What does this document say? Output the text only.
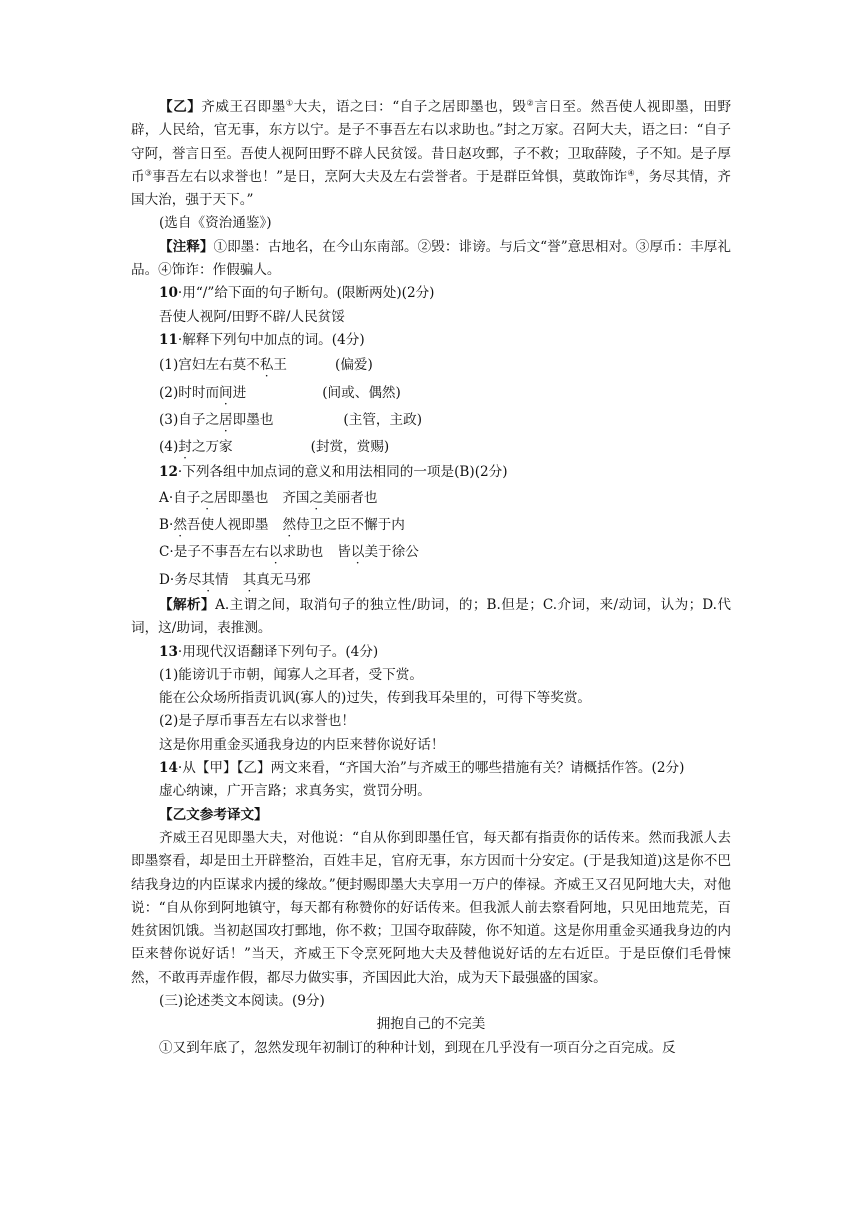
【乙】齐威王召即墨①大夫，语之曰：“自子之居即墨也，毁②言日至。然吾使人视即墨，田野辟，人民给，官无事，东方以宁。是子不事吾左右以求助也。”封之万家。召阿大夫，语之曰：“自子守阿，誉言日至。吾使人视阿田野不辟人民贫馁。昔日赵攻鄄，子不救；卫取薛陵，子不知。是子厚币③事吾左右以求誉也！”是日，烹阿大夫及左右尝誉者。于是群臣耸惧，莫敢饰诈④，务尽其情，齐国大治，强于天下。”

(选自《资治通鉴》)

【注释】①即墨：古地名，在今山东南部。②毁：诽谤。与后文“誉”意思相对。③厚币：丰厚礼品。④饰诈：作假骗人。

10·用“/”给下面的句子断句。(限断两处)(2分)

吾使人视阿/田野不辟/人民贫馁

11·解释下列句中加点的词。(4分)

(1)宫妇左右莫不私王	(偏爱)

(2)时时而间进	(间或、偶然)

(3)自子之居即墨也	(主管，主政)

(4)封之万家	(封赏，赏赐)

12·下列各组中加点词的意义和用法相同的一项是(B)(2分)

A·自子之居即墨也 齐国之美丽者也

B·然吾使人视即墨 然侍卫之臣不懈于内

C·是子不事吾左右以求助也 皆以美于徐公

D·务尽其情 其真无马邪

【解析】A.主谓之间，取消句子的独立性/助词，的；B.但是；C.介词，来/动词，认为；D.代词，这/助词，表推测。

13·用现代汉语翻译下列句子。(4分)

(1)能谤讥于市朝，闻寡人之耳者，受下赏。

能在公众场所指责讥讽(寡人的)过失，传到我耳朵里的，可得下等奖赏。

(2)是子厚币事吾左右以求誉也！

这是你用重金买通我身边的内臣来替你说好话！

14·从【甲】【乙】两文来看，“齐国大治”与齐威王的哪些措施有关？请概括作答。(2分)

虚心纳谏，广开言路；求真务实，赏罚分明。

【乙文参考译文】

齐威王召见即墨大夫，对他说：“自从你到即墨任官，每天都有指责你的话传来。然而我派人去即墨察看，却是田土开辟整治，百姓丰足，官府无事，东方因而十分安定。(于是我知道)这是你不巴结我身边的内臣谋求内援的缘故。”便封赐即墨大夫享用一万户的俸禄。齐威王又召见阿地大夫，对他说：“自从你到阿地镇守，每天都有称赞你的好话传来。但我派人前去察看阿地，只见田地荒芜，百姓贫困饥饿。当初赵国攻打鄄地，你不救；卫国夺取薛陵，你不知道。这是你用重金买通我身边的内臣来替你说好话！”当天，齐威王下令烹死阿地大夫及替他说好话的左右近臣。于是臣僚们毛骨悚然，不敢再弄虚作假，都尽力做实事，齐国因此大治，成为天下最强盛的国家。

(三)论述类文本阅读。(9分)

拥抱自己的不完美

①又到年底了，忽然发现年初制订的种种计划，到现在几乎没有一项百分之百完成。反
